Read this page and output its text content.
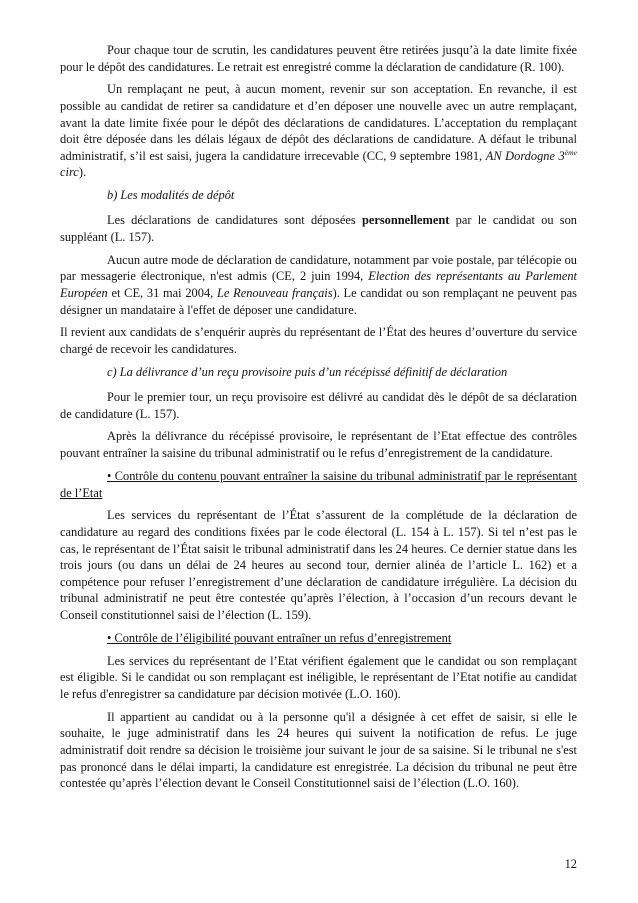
Pour chaque tour de scrutin, les candidatures peuvent être retirées jusqu’à la date limite fixée pour le dépôt des candidatures. Le retrait est enregistré comme la déclaration de candidature (R. 100).

Un remplaçant ne peut, à aucun moment, revenir sur son acceptation. En revanche, il est possible au candidat de retirer sa candidature et d’en déposer une nouvelle avec un autre remplaçant, avant la date limite fixée pour le dépôt des déclarations de candidatures. L’acceptation du remplaçant doit être déposée dans les délais légaux de dépôt des déclarations de candidature. A défaut le tribunal administratif, s’il est saisi, jugera la candidature irrecevable (CC, 9 septembre 1981, AN Dordogne 3ème circ).

b) Les modalités de dépôt

Les déclarations de candidatures sont déposées personnellement par le candidat ou son suppléant (L. 157).

Aucun autre mode de déclaration de candidature, notamment par voie postale, par télécopie ou par messagerie électronique, n'est admis (CE, 2 juin 1994, Election des représentants au Parlement Européen et CE, 31 mai 2004, Le Renouveau français). Le candidat ou son remplaçant ne peuvent pas désigner un mandataire à l'effet de déposer une candidature.

Il revient aux candidats de s’enquérir auprès du représentant de l’État des heures d’ouverture du service chargé de recevoir les candidatures.

c) La délivrance d’un reçu provisoire puis d’un récépissé définitif de déclaration

Pour le premier tour, un reçu provisoire est délivré au candidat dès le dépôt de sa déclaration de candidature (L. 157).

Après la délivrance du récépissé provisoire, le représentant de l’Etat effectue des contrôles pouvant entraîner la saisine du tribunal administratif ou le refus d’enregistrement de la candidature.

• Contrôle du contenu pouvant entraîner la saisine du tribunal administratif par le représentant de l’Etat

Les services du représentant de l’État s’assurent de la complétude de la déclaration de candidature au regard des conditions fixées par le code électoral (L. 154 à L. 157). Si tel n’est pas le cas, le représentant de l’État saisit le tribunal administratif dans les 24 heures. Ce dernier statue dans les trois jours (ou dans un délai de 24 heures au second tour, dernier alinéa de l’article L. 162) et a compétence pour refuser l’enregistrement d’une déclaration de candidature irrégulière. La décision du tribunal administratif ne peut être contestée qu’après l’élection, à l’occasion d’un recours devant le Conseil constitutionnel saisi de l’élection (L. 159).

• Contrôle de l’éligibilité pouvant entraîner un refus d’enregistrement

Les services du représentant de l’Etat vérifient également que le candidat ou son remplaçant est éligible. Si le candidat ou son remplaçant est inéligible, le représentant de l’Etat notifie au candidat le refus d'enregistrer sa candidature par décision motivée (L.O. 160).

Il appartient au candidat ou à la personne qu'il a désignée à cet effet de saisir, si elle le souhaite, le juge administratif dans les 24 heures qui suivent la notification de refus. Le juge administratif doit rendre sa décision le troisième jour suivant le jour de sa saisine. Si le tribunal ne s'est pas prononcé dans le délai imparti, la candidature est enregistrée. La décision du tribunal ne peut être contestée qu’après l’élection devant le Conseil Constitutionnel saisi de l’élection (L.O. 160).

12
